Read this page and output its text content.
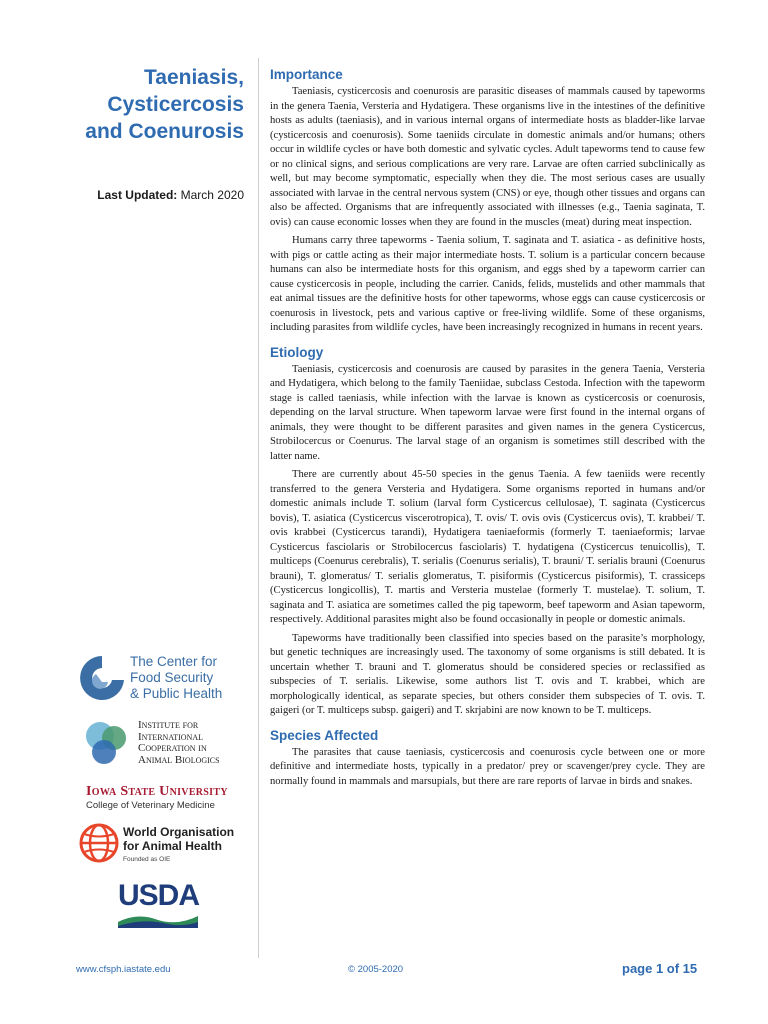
Taeniasis,
Cysticercosis
and Coenurosis
Last Updated: March 2020
Importance

Taeniasis, cysticercosis and coenurosis are parasitic diseases of mammals caused by tapeworms in the genera Taenia, Versteria and Hydatigera. These organisms live in the intestines of the definitive hosts as adults (taeniasis), and in various internal organs of intermediate hosts as bladder-like larvae (cysticercosis and coenurosis). Some taeniids circulate in domestic animals and/or humans; others occur in wildlife cycles or have both domestic and sylvatic cycles. Adult tapeworms tend to cause few or no clinical signs, and serious complications are very rare. Larvae are often carried subclinically as well, but may become symptomatic, especially when they die. The most serious cases are usually associated with larvae in the central nervous system (CNS) or eye, though other tissues and organs can also be affected. Organisms that are infrequently associated with illnesses (e.g., Taenia saginata, T. ovis) can cause economic losses when they are found in the muscles (meat) during meat inspection.

Humans carry three tapeworms - Taenia solium, T. saginata and T. asiatica - as definitive hosts, with pigs or cattle acting as their major intermediate hosts. T. solium is a particular concern because humans can also be intermediate hosts for this organism, and eggs shed by a tapeworm carrier can cause cysticercosis in people, including the carrier. Canids, felids, mustelids and other mammals that eat animal tissues are the definitive hosts for other tapeworms, whose eggs can cause cysticercosis or coenurosis in livestock, pets and various captive or free-living wildlife. Some of these organisms, including parasites from wildlife cycles, have been increasingly recognized in humans in recent years.

Etiology

Taeniasis, cysticercosis and coenurosis are caused by parasites in the genera Taenia, Versteria and Hydatigera, which belong to the family Taeniidae, subclass Cestoda. Infection with the tapeworm stage is called taeniasis, while infection with the larvae is known as cysticercosis or coenurosis, depending on the larval structure. When tapeworm larvae were first found in the internal organs of animals, they were thought to be different parasites and given names in the genera Cysticercus, Strobilocercus or Coenurus. The larval stage of an organism is sometimes still described with the latter name.

There are currently about 45-50 species in the genus Taenia. A few taeniids were recently transferred to the genera Versteria and Hydatigera. Some organisms reported in humans and/or domestic animals include T. solium (larval form Cysticercus cellulosae), T. saginata (Cysticercus bovis), T. asiatica (Cysticercus viscerotropica), T. ovis/ T. ovis ovis (Cysticercus ovis), T. krabbei/ T. ovis krabbei (Cysticercus tarandi), Hydatigera taeniaeformis (formerly T. taeniaeformis; larvae Cysticercus fasciolaris or Strobilocercus fasciolaris) T. hydatigena (Cysticercus tenuicollis), T. multiceps (Coenurus cerebralis), T. serialis (Coenurus serialis), T. brauni/ T. serialis brauni (Coenurus brauni), T. glomeratus/ T. serialis glomeratus, T. pisiformis (Cysticercus pisiformis), T. crassiceps (Cysticercus longicollis), T. martis and Versteria mustelae (formerly T. mustelae). T. solium, T. saginata and T. asiatica are sometimes called the pig tapeworm, beef tapeworm and Asian tapeworm, respectively. Additional parasites might also be found occasionally in people or domestic animals.

Tapeworms have traditionally been classified into species based on the parasite’s morphology, but genetic techniques are increasingly used. The taxonomy of some organisms is still debated. It is uncertain whether T. brauni and T. glomeratus should be considered species or reclassified as subspecies of T. serialis. Likewise, some authors list T. ovis and T. krabbei, which are morphologically identical, as separate species, but others consider them subspecies of T. ovis. T. gaigeri (or T. multiceps subsp. gaigeri) and T. skrjabini are now known to be T. multiceps.

Species Affected

The parasites that cause taeniasis, cysticercosis and coenurosis cycle between one or more definitive and intermediate hosts, typically in a predator/ prey or scavenger/prey cycle. They are normally found in mammals and marsupials, but there are rare reports of larvae in birds and snakes.

The Center for
Food Security
& Public Health
Institute for
International
Cooperation in
Animal Biologics
Iowa State University
College of Veterinary Medicine
World Organisation
for Animal Health
Founded as OIE
USDA
www.cfsph.iastate.edu	© 2005-2020	page 1 of 15
